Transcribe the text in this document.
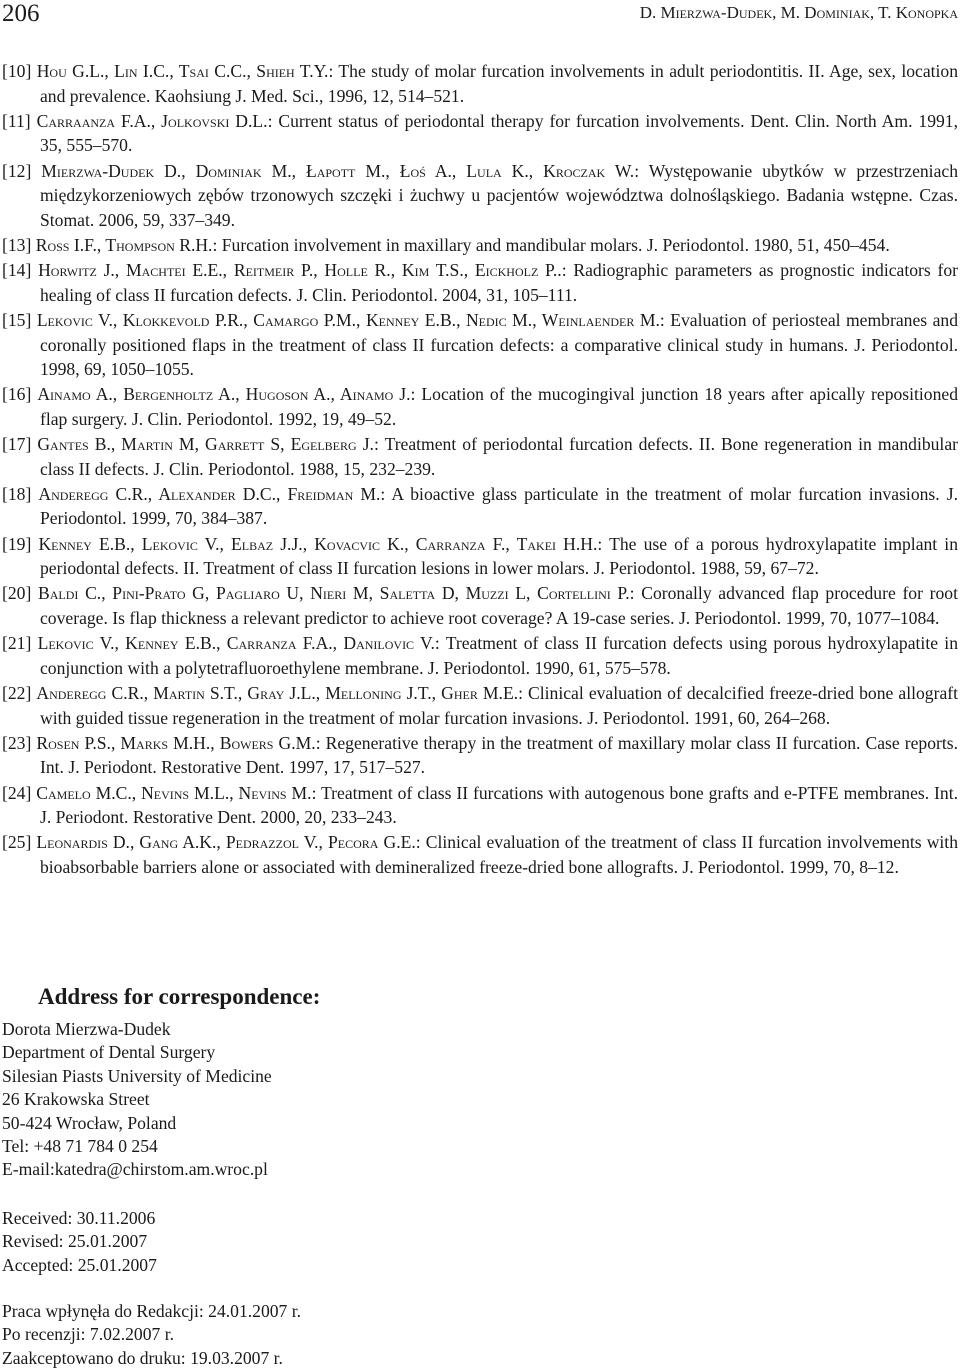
206	D. Mierzwa-Dudek, M. Dominiak, T. Konopka
[10] Hou G.L., Lin I.C., Tsai C.C., Shieh T.Y.: The study of molar furcation involvements in adult periodontitis. II. Age, sex, location and prevalence. Kaohsiung J. Med. Sci., 1996, 12, 514–521.
[11] Carraanza F.A., Jolkovski D.L.: Current status of periodontal therapy for furcation involvements. Dent. Clin. North Am. 1991, 35, 555–570.
[12] Mierzwa-Dudek D., Dominiak M., Łapott M., Łoś A., Lula K., Kroczak W.: Występowanie ubytków w przestrzeniach międzykorzeniowych zębów trzonowych szczęki i żuchwy u pacjentów województwa dolnośląskiego. Badania wstępne. Czas. Stomat. 2006, 59, 337–349.
[13] Ross I.F., Thompson R.H.: Furcation involvement in maxillary and mandibular molars. J. Periodontol. 1980, 51, 450–454.
[14] Horwitz J., Machtei E.E., Reitmeir P., Holle R., Kim T.S., Eickholz P..: Radiographic parameters as prognostic indicators for healing of class II furcation defects. J. Clin. Periodontol. 2004, 31, 105–111.
[15] Lekovic V., Klokkevold P.R., Camargo P.M., Kenney E.B., Nedic M., Weinlaender M.: Evaluation of periosteal membranes and coronally positioned flaps in the treatment of class II furcation defects: a comparative clinical study in humans. J. Periodontol. 1998, 69, 1050–1055.
[16] Ainamo A., Bergenholtz A., Hugoson A., Ainamo J.: Location of the mucogingival junction 18 years after apically repositioned flap surgery. J. Clin. Periodontol. 1992, 19, 49–52.
[17] Gantes B., Martin M, Garrett S, Egelberg J.: Treatment of periodontal furcation defects. II. Bone regeneration in mandibular class II defects. J. Clin. Periodontol. 1988, 15, 232–239.
[18] Anderegg C.R., Alexander D.C., Freidman M.: A bioactive glass particulate in the treatment of molar furcation invasions. J. Periodontol. 1999, 70, 384–387.
[19] Kenney E.B., Lekovic V., Elbaz J.J., Kovacvic K., Carranza F., Takei H.H.: The use of a porous hydroxylapatite implant in periodontal defects. II. Treatment of class II furcation lesions in lower molars. J. Periodontol. 1988, 59, 67–72.
[20] Baldi C., Pini-Prato G, Pagliaro U, Nieri M, Saletta D, Muzzi L, Cortellini P.: Coronally advanced flap procedure for root coverage. Is flap thickness a relevant predictor to achieve root coverage? A 19-case series. J. Periodontol. 1999, 70, 1077–1084.
[21] Lekovic V., Kenney E.B., Carranza F.A., Danilovic V.: Treatment of class II furcation defects using porous hydroxylapatite in conjunction with a polytetrafluoroethylene membrane. J. Periodontol. 1990, 61, 575–578.
[22] Anderegg C.R., Martin S.T., Gray J.L., Melloning J.T., Gher M.E.: Clinical evaluation of decalcified freeze-dried bone allograft with guided tissue regeneration in the treatment of molar furcation invasions. J. Periodontol. 1991, 60, 264–268.
[23] Rosen P.S., Marks M.H., Bowers G.M.: Regenerative therapy in the treatment of maxillary molar class II furcation. Case reports. Int. J. Periodont. Restorative Dent. 1997, 17, 517–527.
[24] Camelo M.C., Nevins M.L., Nevins M.: Treatment of class II furcations with autogenous bone grafts and e-PTFE membranes. Int. J. Periodont. Restorative Dent. 2000, 20, 233–243.
[25] Leonardis D., Gang A.K., Pedrazzol V., Pecora G.E.: Clinical evaluation of the treatment of class II furcation involvements with bioabsorbable barriers alone or associated with demineralized freeze-dried bone allografts. J. Periodontol. 1999, 70, 8–12.
Address for correspondence:
Dorota Mierzwa-Dudek
Department of Dental Surgery
Silesian Piasts University of Medicine
26 Krakowska Street
50-424 Wrocław, Poland
Tel: +48 71 784 0 254
E-mail:katedra@chirstom.am.wroc.pl
Received: 30.11.2006
Revised: 25.01.2007
Accepted: 25.01.2007
Praca wpłynęła do Redakcji: 24.01.2007 r.
Po recenzji: 7.02.2007 r.
Zaakceptowano do druku: 19.03.2007 r.
